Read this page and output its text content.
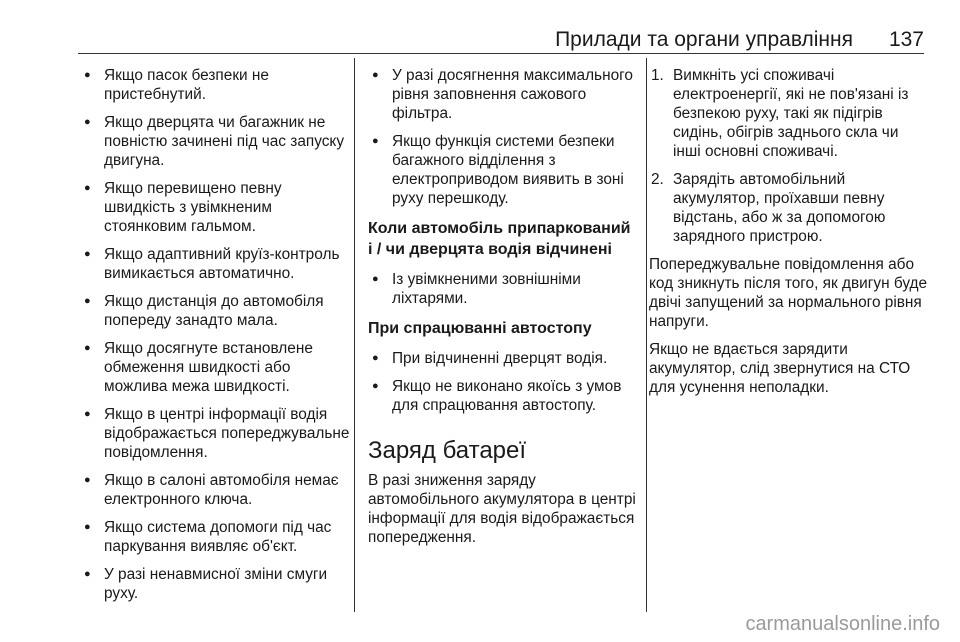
Прилади та органи управління 137
● Якщо пасок безпеки не пристебнутий.
● Якщо дверцята чи багажник не повністю зачинені під час запуску двигуна.
● Якщо перевищено певну швидкість з увімкненим стоянковим гальмом.
● Якщо адаптивний круїз-контроль вимикається автоматично.
● Якщо дистанція до автомобіля попереду занадто мала.
● Якщо досягнуте встановлене обмеження швидкості або можлива межа швидкості.
● Якщо в центрі інформації водія відображається попереджувальне повідомлення.
● Якщо в салоні автомобіля немає електронного ключа.
● Якщо система допомоги під час паркування виявляє об'єкт.
● У разі ненавмисної зміни смуги руху.
● У разі досягнення максимального рівня заповнення сажового фільтра.
● Якщо функція системи безпеки багажного відділення з електроприводом виявить в зоні руху перешкоду.
Коли автомобіль припаркований і / чи дверцята водія відчинені
● Із увімкненими зовнішніми ліхтарями.
При спрацюванні автостопу
● При відчиненні дверцят водія.
● Якщо не виконано якоїсь з умов для спрацювання автостопу.
Заряд батареї

В разі зниження заряду автомобільного акумулятора в центрі інформації для водія відображається попередження.

1. Вимкніть усі споживачі електроенергії, які не пов'язані із безпекою руху, такі як підігрів сидінь, обігрів заднього скла чи інші основні споживачі.
2. Зарядіть автомобільний акумулятор, проїхавши певну відстань, або ж за допомогою зарядного пристрою.

Попереджувальне повідомлення або код зникнуть після того, як двигун буде двічі запущений за нормального рівня напруги.

Якщо не вдається зарядити акумулятор, слід звернутися на СТО для усунення неполадки.

carmanualsonline.info
